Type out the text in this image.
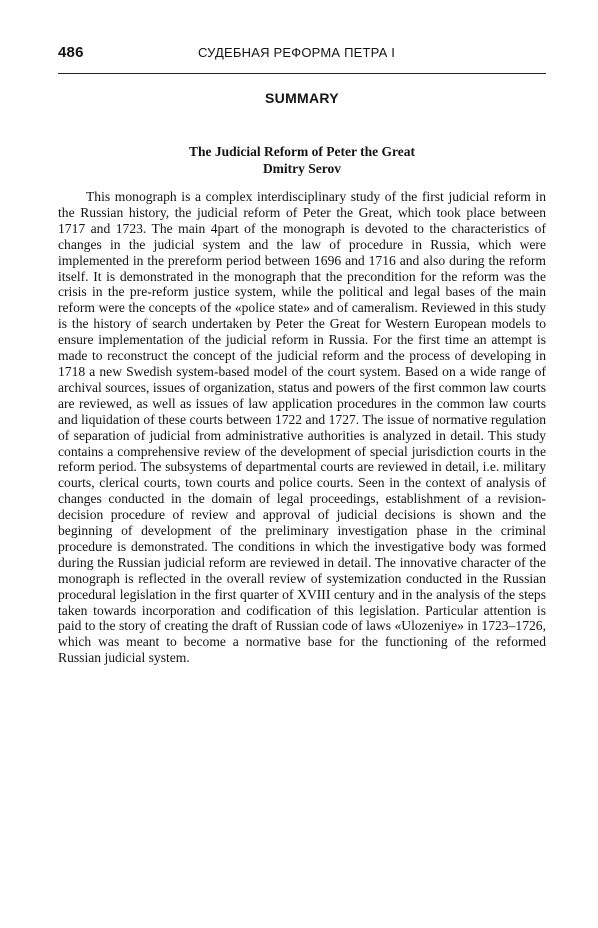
486	СУДЕБНАЯ РЕФОРМА ПЕТРА I
SUMMARY
The Judicial Reform of Peter the Great
Dmitry Serov

This monograph is a complex interdisciplinary study of the first judicial reform in the Russian history, the judicial reform of Peter the Great, which took place between 1717 and 1723. The main 4part of the monograph is devoted to the characteristics of changes in the judicial system and the law of procedure in Russia, which were implemented in the prereform period between 1696 and 1716 and also during the reform itself. It is demonstrated in the monograph that the precondition for the reform was the crisis in the pre-reform justice system, while the political and legal bases of the main reform were the concepts of the «police state» and of cameralism. Reviewed in this study is the history of search undertaken by Peter the Great for Western European models to ensure implementation of the judicial reform in Russia. For the first time an attempt is made to reconstruct the concept of the judicial reform and the process of developing in 1718 a new Swedish system-based model of the court system. Based on a wide range of archival sources, issues of organization, status and powers of the first common law courts are reviewed, as well as issues of law application procedures in the common law courts and liquidation of these courts between 1722 and 1727. The issue of normative regulation of separation of judicial from administrative authorities is analyzed in detail. This study contains a comprehensive review of the development of special jurisdiction courts in the reform period. The subsystems of departmental courts are reviewed in detail, i.e. military courts, clerical courts, town courts and police courts. Seen in the context of analysis of changes conducted in the domain of legal proceedings, establishment of a revision-decision procedure of review and approval of judicial decisions is shown and the beginning of development of the preliminary investigation phase in the criminal procedure is demonstrated. The conditions in which the investigative body was formed during the Russian judicial reform are reviewed in detail. The innovative character of the monograph is reflected in the overall review of systemization conducted in the Russian procedural legislation in the first quarter of XVIII century and in the analysis of the steps taken towards incorporation and codification of this legislation. Particular attention is paid to the story of creating the draft of Russian code of laws «Ulozeniye» in 1723–1726, which was meant to become a normative base for the functioning of the reformed Russian judicial system.
